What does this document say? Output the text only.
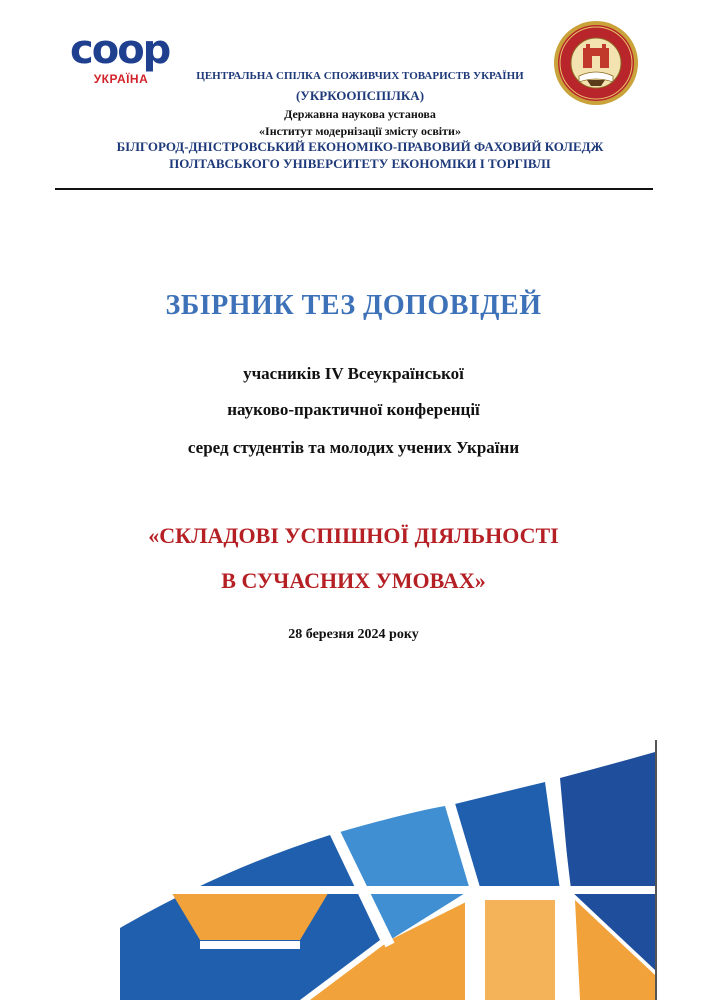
coop
УКРАЇНА	ЦЕНТРАЛЬНА СПІЛКА СПОЖИВЧИХ ТОВАРИСТВ УКРАЇНИ
(УКРКООПСПІЛКА)
Державна наукова установа
«Інститут модернізації змісту освіти»
БІЛГОРОД-ДНІСТРОВСЬКИЙ ЕКОНОМІКО-ПРАВОВИЙ ФАХОВИЙ КОЛЕДЖ
ПОЛТАВСЬКОГО УНІВЕРСИТЕТУ ЕКОНОМІКИ І ТОРГІВЛІ
ЗБІРНИК ТЕЗ ДОПОВІДЕЙ
учасників IV Всеукраїнської
науково-практичної конференції
серед студентів та молодих учених України
«СКЛАДОВІ УСПІШНОЇ ДІЯЛЬНОСТІ
В СУЧАСНИХ УМОВАХ»
28 березня 2024 року
